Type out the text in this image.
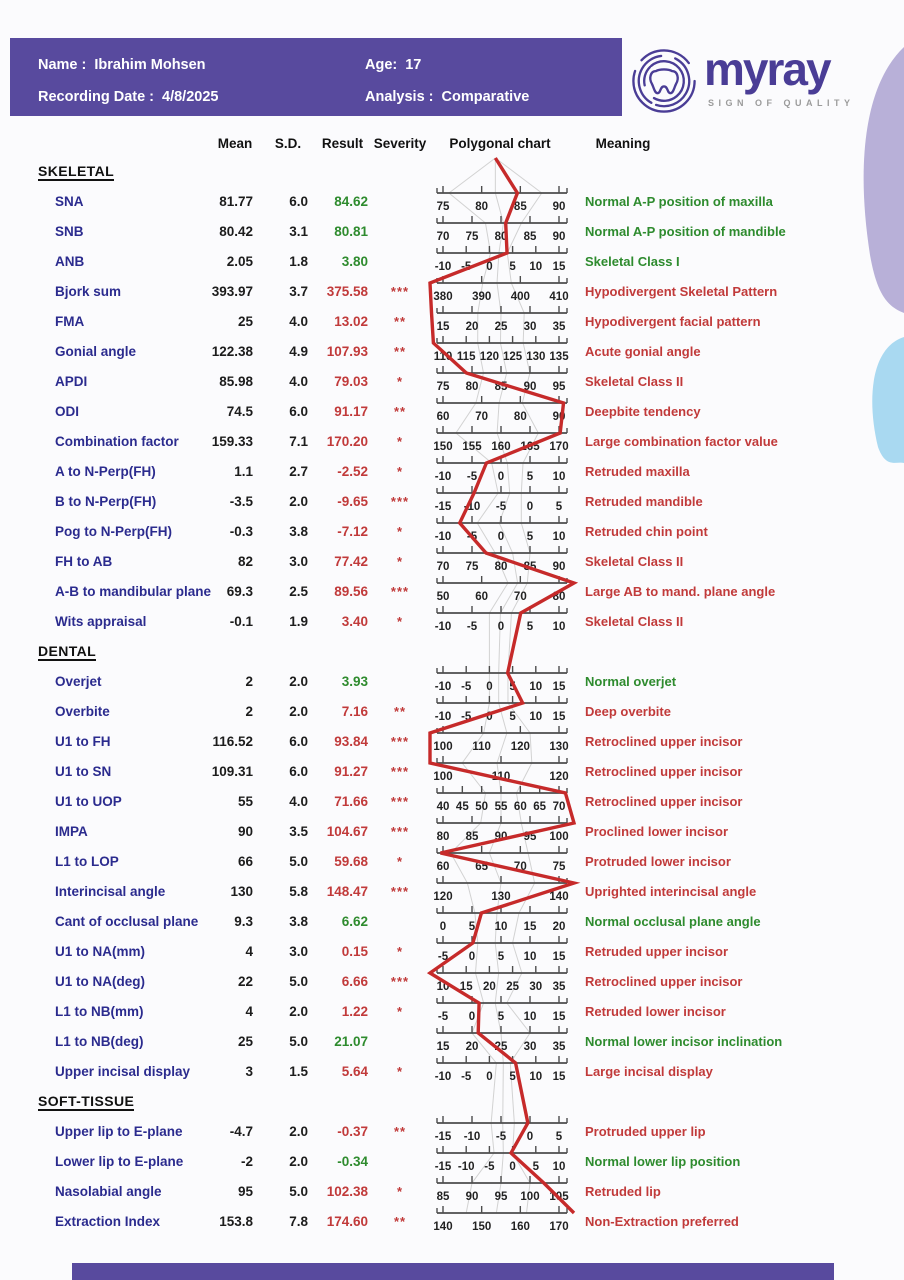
Name : Ibrahim Mohsen	Age: 17
Recording Date : 4/8/2025	Analysis : Comparative
myray
SIGN OF QUALITY
Mean	S.D.	Result Severity	Polygonal chart	Meaning
SKELETAL
SNA	81.77	6.0	84.62	Normal A-P position of maxilla
SNB	80.42	3.1	80.81	Normal A-P position of mandible
ANB	2.05	1.8	3.80	Skeletal Class I
Bjork sum	393.97	3.7	375.58	***	Hypodivergent Skeletal Pattern
FMA	25	4.0	13.02	**	Hypodivergent facial pattern
Gonial angle	122.38	4.9	107.93	**	Acute gonial angle
APDI	85.98	4.0	79.03	*	Skeletal Class II
ODI	74.5	6.0	91.17	**	Deepbite tendency
Combination factor	159.33	7.1	170.20	*	Large combination factor value
A to N-Perp(FH)	1.1	2.7	-2.52	*	Retruded maxilla
B to N-Perp(FH)	-3.5	2.0	-9.65	***	Retruded mandible
Pog to N-Perp(FH)	-0.3	3.8	-7.12	*	Retruded chin point
FH to AB	82	3.0	77.42	*	Skeletal Class II
A-B to mandibular plane	69.3	2.5	89.56	***	Large AB to mand. plane angle
Wits appraisal	-0.1	1.9	3.40	*	Skeletal Class II
DENTAL
Overjet	2	2.0	3.93	Normal overjet
Overbite	2	2.0	7.16	**	Deep overbite
U1 to FH	116.52	6.0	93.84	***	Retroclined upper incisor
U1 to SN	109.31	6.0	91.27	***	Retroclined upper incisor
U1 to UOP	55	4.0	71.66	***	Retroclined upper incisor
IMPA	90	3.5	104.67	***	Proclined lower incisor
L1 to LOP	66	5.0	59.68	*	Protruded lower incisor
Interincisal angle	130	5.8	148.47	***	Uprighted interincisal angle
Cant of occlusal plane	9.3	3.8	6.62	Normal occlusal plane angle
U1 to NA(mm)	4	3.0	0.15	*	Retruded upper incisor
U1 to NA(deg)	22	5.0	6.66	***	Retroclined upper incisor
L1 to NB(mm)	4	2.0	1.22	*	Retruded lower incisor
L1 to NB(deg)	25	5.0	21.07	Normal lower incisor inclination
Upper incisal display	3	1.5	5.64	*	Large incisal display
SOFT-TISSUE
Upper lip to E-plane	-4.7	2.0	-0.37	**	Protruded upper lip
Lower lip to E-plane	-2	2.0	-0.34	Normal lower lip position
Nasolabial angle	95	5.0	102.38	*	Retruded lip
Extraction Index	153.8	7.8	174.60	**	Non-Extraction preferred
75 80 85 90
70 75 80 85 90
-10 -5 0 5 10 15
380 390 400 410
15 20 25 30 35
110 115 120 125 130 135
75 80 85 90 95
60 70 80 90
150 155 160 165 170
-10 -5 0 5 10
-15 -10 -5 0 5
-10 -5 0 5 10
70 75 80 85 90
50 60 70 80
-10 -5 0 5 10
-10 -5 0 5 10 15
-10 -5 0 5 10 15
100 110 120 130
100	110	120
40 45 50 55 60 65 70
80 85 90 95 100
60 65 70 75
120	130	140
0 5 10 15 20
-5 0 5 10 15
10 15 20 25 30 35
-5 0 5 10 15
15 20 25 30 35
-10 -5 0 5 10 15
-15 -10 -5 0 5
-15 -10 -5 0 5 10
85 90 95 100 105
140 150 160 170
